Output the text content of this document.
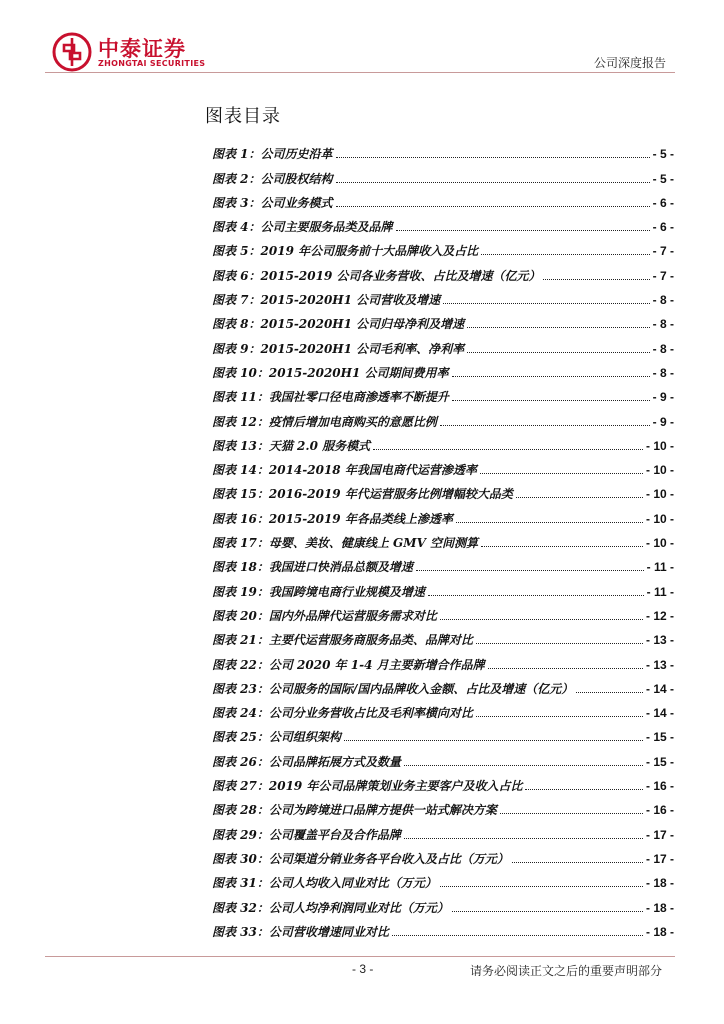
中泰证券
ZHONGTAI SECURITIES	公司深度报告
图表目录
图表 1：公司历史沿革	- 5 -
图表 2：公司股权结构	- 5 -
图表 3：公司业务模式	- 6 -
图表 4：公司主要服务品类及品牌	- 6 -
图表 5：2019 年公司服务前十大品牌收入及占比	- 7 -
图表 6：2015-2019 公司各业务营收、占比及增速（亿元）	- 7 -
图表 7：2015-2020H1 公司营收及增速	- 8 -
图表 8：2015-2020H1 公司归母净利及增速	- 8 -
图表 9：2015-2020H1 公司毛利率、净利率	- 8 -
图表 10：2015-2020H1 公司期间费用率	- 8 -
图表 11：我国社零口径电商渗透率不断提升	- 9 -
图表 12：疫情后增加电商购买的意愿比例	- 9 -
图表 13：天猫 2.0 服务模式	- 10 -
图表 14：2014-2018 年我国电商代运营渗透率	- 10 -
图表 15：2016-2019 年代运营服务比例增幅较大品类	- 10 -
图表 16：2015-2019 年各品类线上渗透率	- 10 -
图表 17：母婴、美妆、健康线上 GMV 空间测算	- 10 -
图表 18：我国进口快消品总额及增速	- 11 -
图表 19：我国跨境电商行业规模及增速	- 11 -
图表 20：国内外品牌代运营服务需求对比	- 12 -
图表 21：主要代运营服务商服务品类、品牌对比	- 13 -
图表 22：公司 2020 年 1-4 月主要新增合作品牌	- 13 -
图表 23：公司服务的国际/国内品牌收入金额、占比及增速（亿元）	- 14 -
图表 24：公司分业务营收占比及毛利率横向对比	- 14 -
图表 25：公司组织架构	- 15 -
图表 26：公司品牌拓展方式及数量	- 15 -
图表 27：2019 年公司品牌策划业务主要客户及收入占比	- 16 -
图表 28：公司为跨境进口品牌方提供一站式解决方案	- 16 -
图表 29：公司覆盖平台及合作品牌	- 17 -
图表 30：公司渠道分销业务各平台收入及占比（万元）	- 17 -
图表 31：公司人均收入同业对比（万元）	- 18 -
图表 32：公司人均净利润同业对比（万元）	- 18 -
图表 33：公司营收增速同业对比	- 18 -
- 3 -	请务必阅读正文之后的重要声明部分
